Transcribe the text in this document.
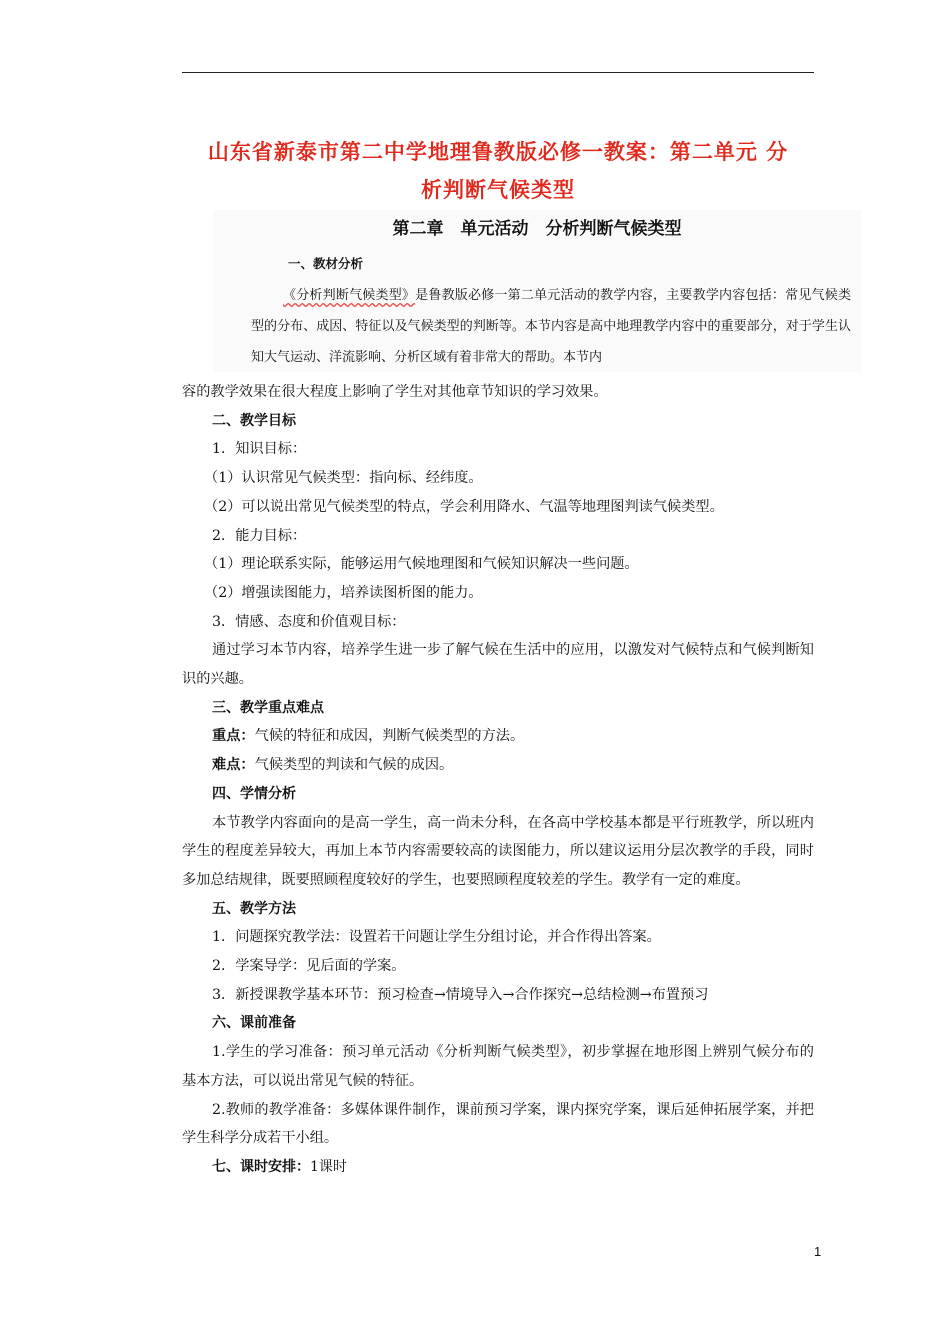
山东省新泰市第二中学地理鲁教版必修一教案：第二单元 分
析判断气候类型
第二章　单元活动　分析判断气候类型
一、教材分析
《分析判断气候类型》是鲁教版必修一第二单元活动的教学内容，主要教学内容包括：常见气候类型的分布、成因、特征以及气候类型的判断等。本节内容是高中地理教学内容中的重要部分，对于学生认知大气运动、洋流影响、分析区域有着非常大的帮助。本节内

容的教学效果在很大程度上影响了学生对其他章节知识的学习效果。

二、教学目标

1．知识目标：

（1）认识常见气候类型：指向标、经纬度。

（2）可以说出常见气候类型的特点，学会利用降水、气温等地理图判读气候类型。

2．能力目标：

（1）理论联系实际，能够运用气候地理图和气候知识解决一些问题。

（2）增强读图能力，培养读图析图的能力。

3．情感、态度和价值观目标：

通过学习本节内容，培养学生进一步了解气候在生活中的应用，以激发对气候特点和气候判断知识的兴趣。

三、教学重点难点

重点：气候的特征和成因，判断气候类型的方法。

难点：气候类型的判读和气候的成因。

四、学情分析

本节教学内容面向的是高一学生，高一尚未分科，在各高中学校基本都是平行班教学，所以班内学生的程度差异较大，再加上本节内容需要较高的读图能力，所以建议运用分层次教学的手段，同时多加总结规律，既要照顾程度较好的学生，也要照顾程度较差的学生。教学有一定的难度。

五、教学方法

1．问题探究教学法：设置若干问题让学生分组讨论，并合作得出答案。

2．学案导学：见后面的学案。

3．新授课教学基本环节：预习检查→情境导入→合作探究→总结检测→布置预习

六、课前准备

1.学生的学习准备：预习单元活动《分析判断气候类型》，初步掌握在地形图上辨别气候分布的基本方法，可以说出常见气候的特征。

2.教师的教学准备：多媒体课件制作，课前预习学案，课内探究学案，课后延伸拓展学案，并把学生科学分成若干小组。

七、课时安排：1课时

1
